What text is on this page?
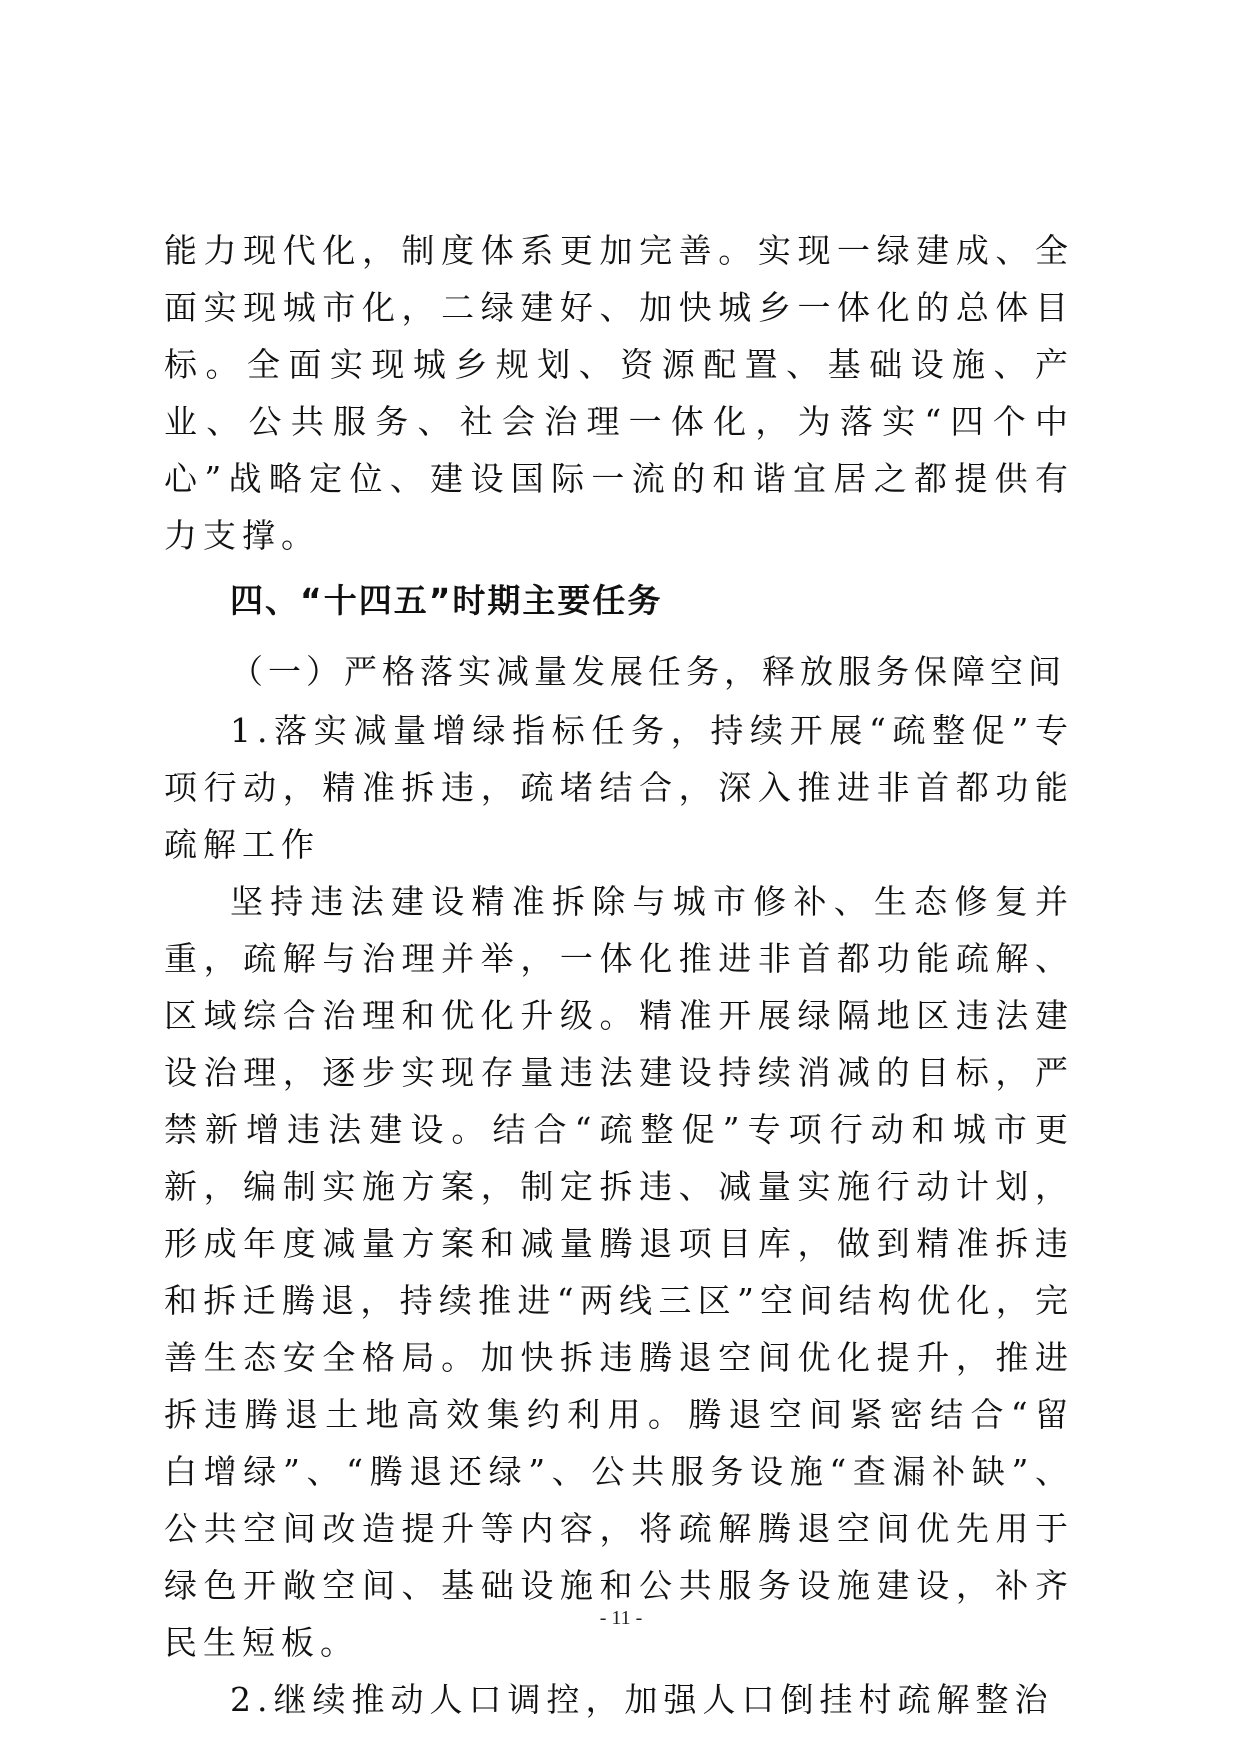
能力现代化，制度体系更加完善。实现一绿建成、全面实现城市化，二绿建好、加快城乡一体化的总体目标。全面实现城乡规划、资源配置、基础设施、产业、公共服务、社会治理一体化，为落实“四个中心”战略定位、建设国际一流的和谐宜居之都提供有力支撑。

四、“十四五”时期主要任务

（一）严格落实减量发展任务，释放服务保障空间

1.落实减量增绿指标任务，持续开展“疏整促”专项行动，精准拆违，疏堵结合，深入推进非首都功能疏解工作

坚持违法建设精准拆除与城市修补、生态修复并重，疏解与治理并举，一体化推进非首都功能疏解、区域综合治理和优化升级。精准开展绿隔地区违法建设治理，逐步实现存量违法建设持续消减的目标，严禁新增违法建设。结合“疏整促”专项行动和城市更新，编制实施方案，制定拆违、减量实施行动计划，形成年度减量方案和减量腾退项目库，做到精准拆违和拆迁腾退，持续推进“两线三区”空间结构优化，完善生态安全格局。加快拆违腾退空间优化提升，推进拆违腾退土地高效集约利用。腾退空间紧密结合“留白增绿”、“腾退还绿”、公共服务设施“查漏补缺”、公共空间改造提升等内容，将疏解腾退空间优先用于绿色开敞空间、基础设施和公共服务设施建设，补齐民生短板。

2.继续推动人口调控，加强人口倒挂村疏解整治

- 11 -
